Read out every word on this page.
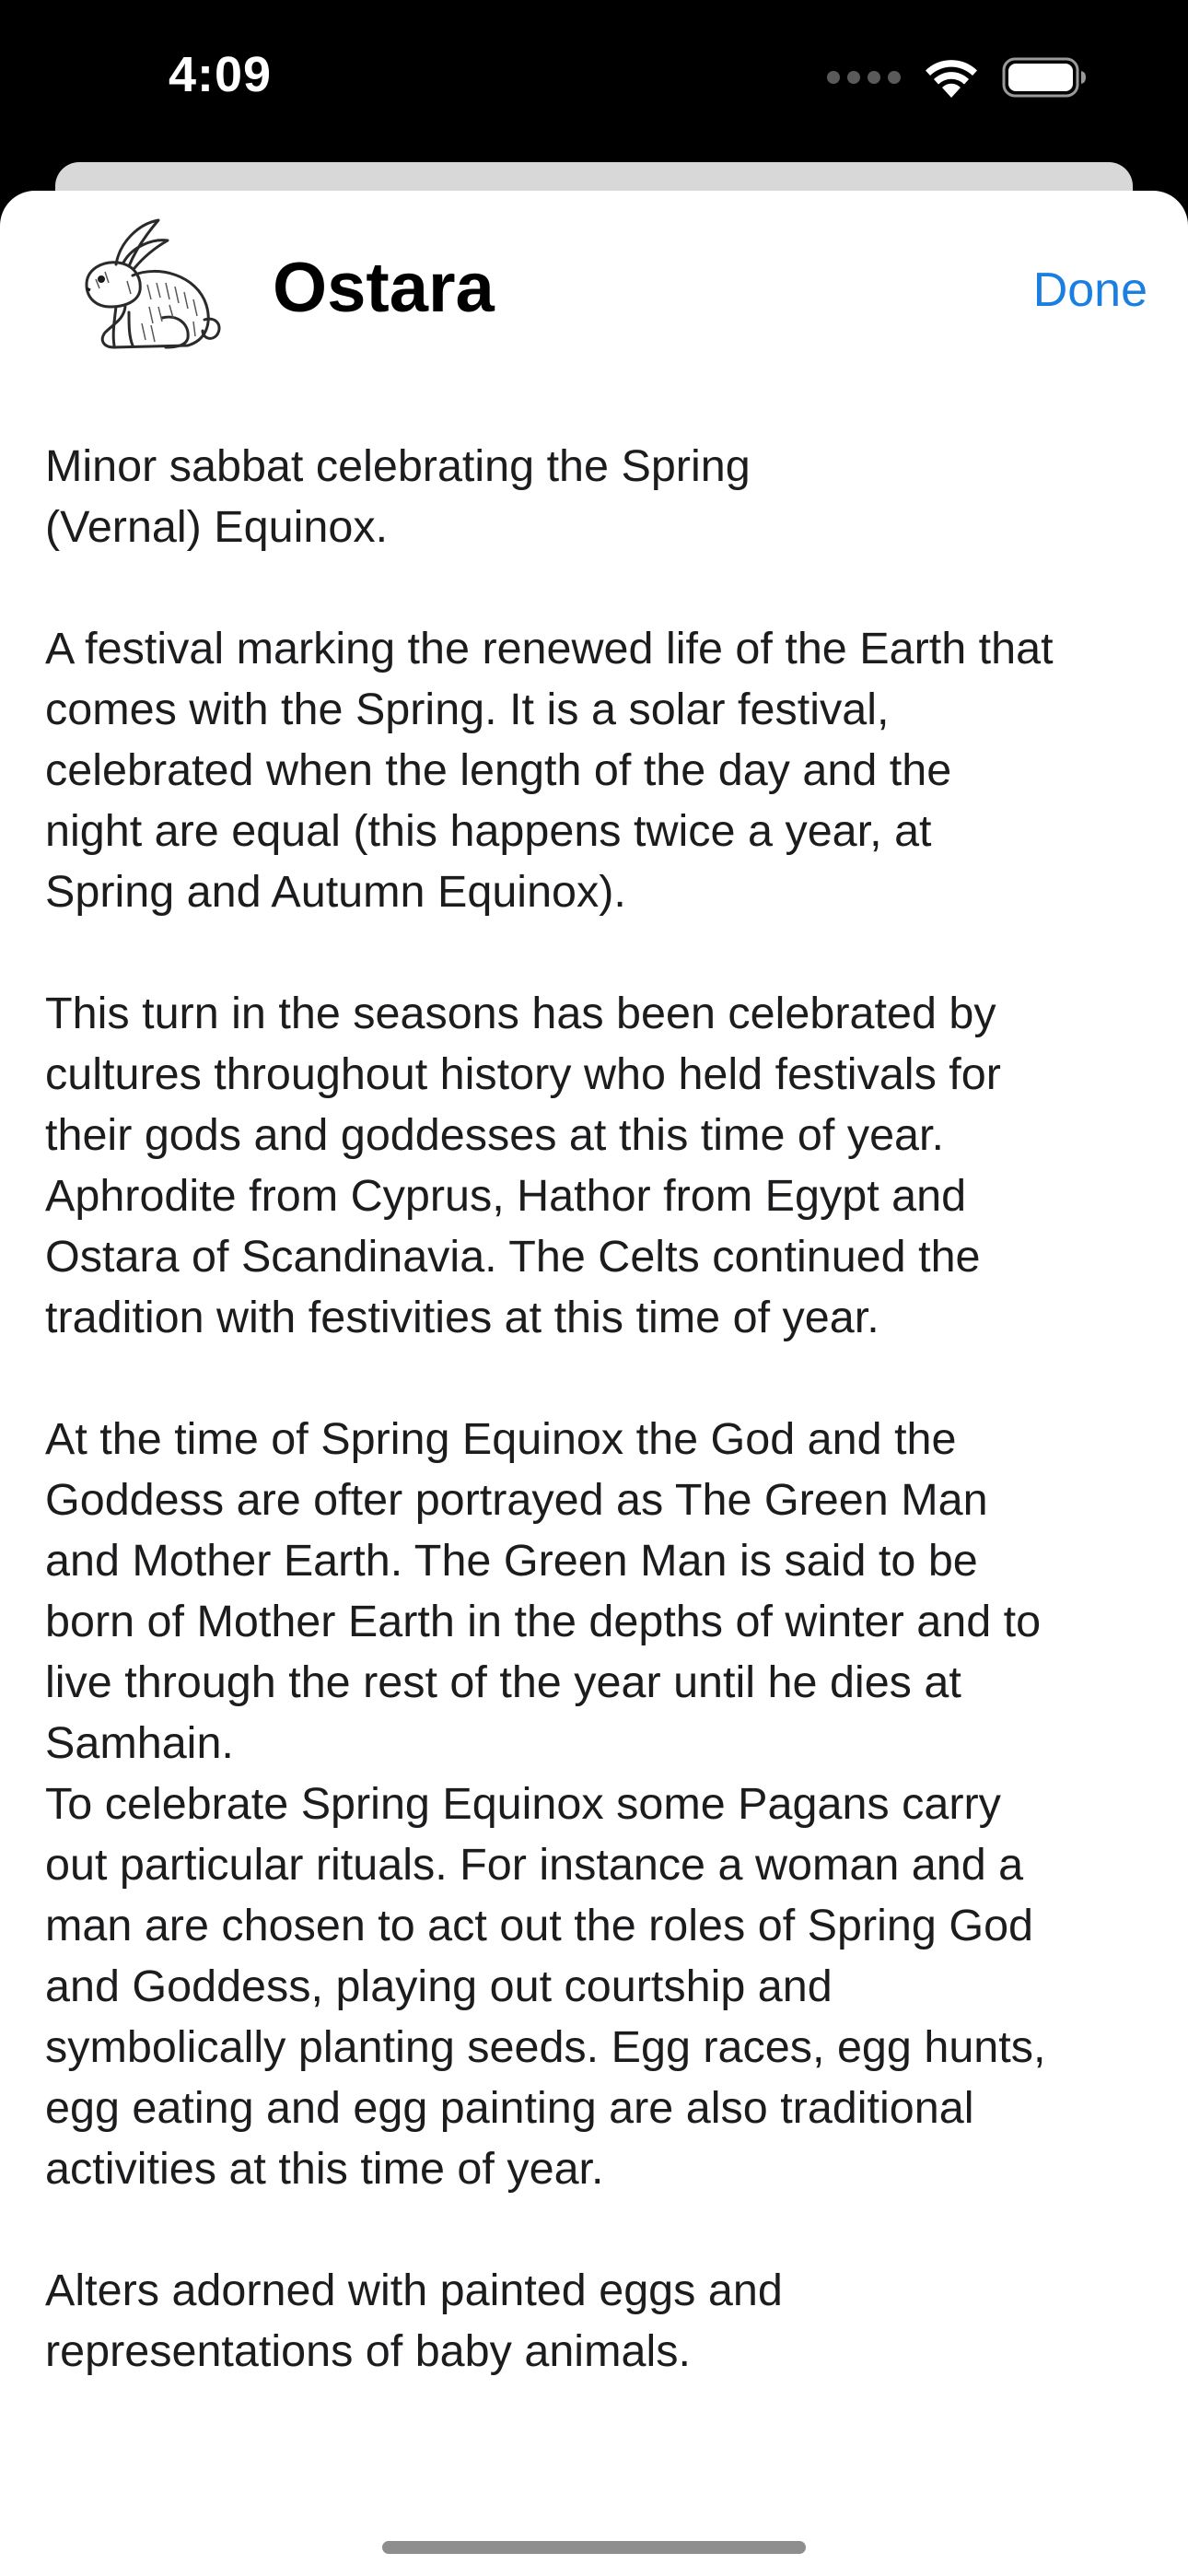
4:09
Ostara	Done

Minor sabbat celebrating the Spring

(Vernal) Equinox.

A festival marking the renewed life of the Earth that

comes with the Spring. It is a solar festival,

celebrated when the length of the day and the

night are equal (this happens twice a year, at

Spring and Autumn Equinox).

This turn in the seasons has been celebrated by

cultures throughout history who held festivals for

their gods and goddesses at this time of year.

Aphrodite from Cyprus, Hathor from Egypt and

Ostara of Scandinavia. The Celts continued the

tradition with festivities at this time of year.

At the time of Spring Equinox the God and the

Goddess are ofter portrayed as The Green Man

and Mother Earth. The Green Man is said to be

born of Mother Earth in the depths of winter and to

live through the rest of the year until he dies at

Samhain.

To celebrate Spring Equinox some Pagans carry

out particular rituals. For instance a woman and a

man are chosen to act out the roles of Spring God

and Goddess, playing out courtship and

symbolically planting seeds. Egg races, egg hunts,

egg eating and egg painting are also traditional

activities at this time of year.

Alters adorned with painted eggs and

representations of baby animals.
